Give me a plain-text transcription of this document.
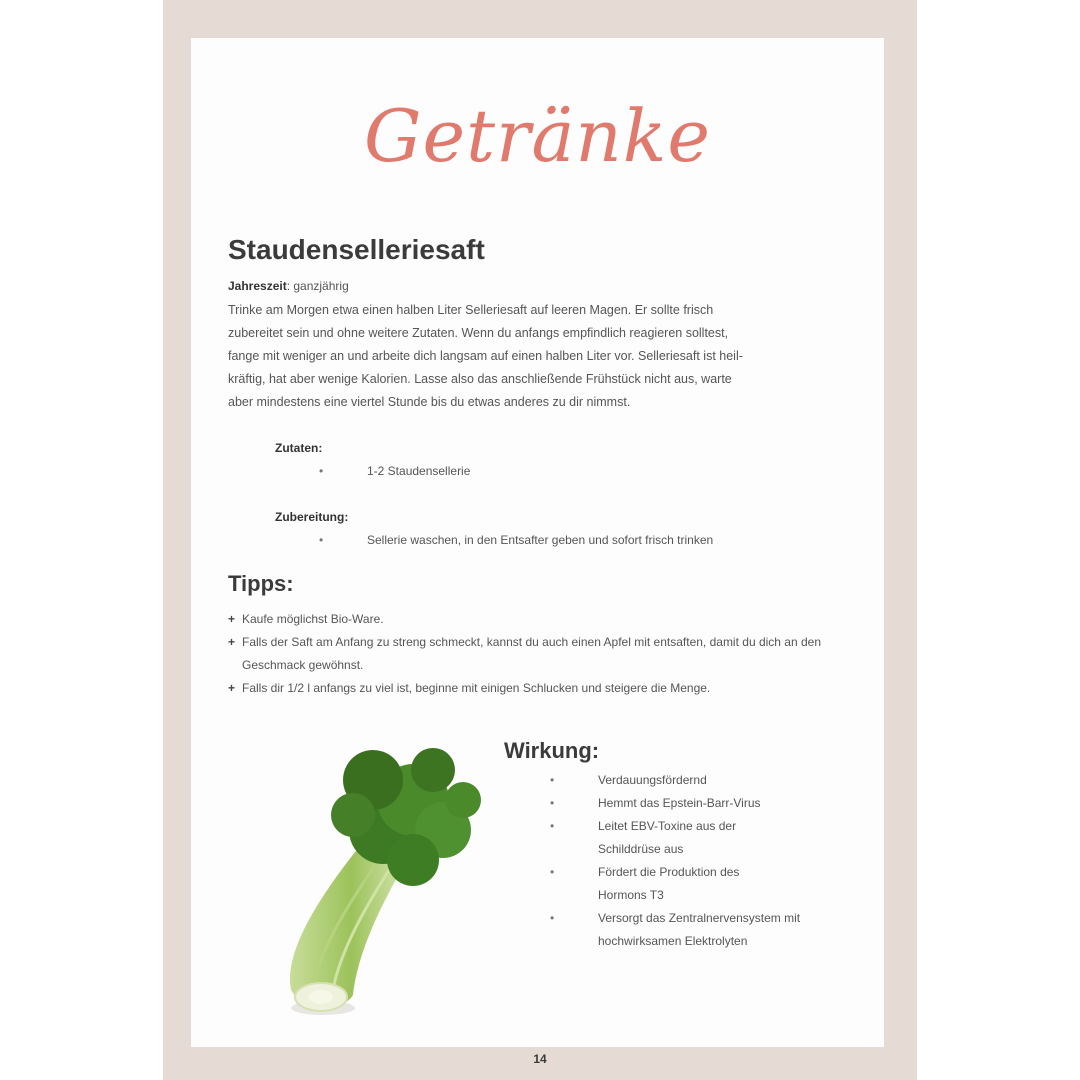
Getränke
Staudenselleriesaft
Jahreszeit: ganzjährig
Trinke am Morgen etwa einen halben Liter Selleriesaft auf leeren Magen. Er sollte frisch
zubereitet sein und ohne weitere Zutaten. Wenn du anfangs empfindlich reagieren solltest,
fange mit weniger an und arbeite dich langsam auf einen halben Liter vor. Selleriesaft ist heil-
kräftig, hat aber wenige Kalorien. Lasse also das anschließende Frühstück nicht aus, warte
aber mindestens eine viertel Stunde bis du etwas anderes zu dir nimmst.
Zutaten:
•	1-2 Staudensellerie
Zubereitung:
•	Sellerie waschen, in den Entsafter geben und sofort frisch trinken
Tipps:
+ Kaufe möglichst Bio-Ware.
+ Falls der Saft am Anfang zu streng schmeckt, kannst du auch einen Apfel mit entsaften, damit du dich an den Geschmack gewöhnst.
+ Falls dir 1/2 l anfangs zu viel ist, beginne mit einigen Schlucken und steigere die Menge.
Wirkung:
•	Verdauungsfördernd
•	Hemmt das Epstein-Barr-Virus
•	Leitet EBV-Toxine aus der Schilddrüse aus
•	Fördert die Produktion des Hormons T3
•	Versorgt das Zentralnervensystem mit hochwirksamen Elektrolyten
14
